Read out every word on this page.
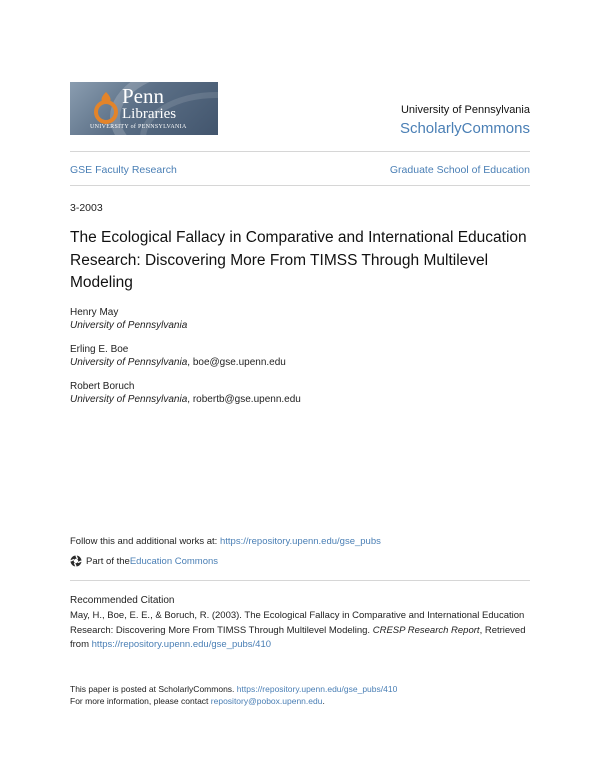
Penn
Libraries
UNIVERSITY of PENNSYLVANIA
University of Pennsylvania
ScholarlyCommons
GSE Faculty Research	Graduate School of Education
3-2003
The Ecological Fallacy in Comparative and International Education Research: Discovering More From TIMSS Through Multilevel Modeling
Henry May
University of Pennsylvania
Erling E. Boe
University of Pennsylvania, boe@gse.upenn.edu
Robert Boruch
University of Pennsylvania, robertb@gse.upenn.edu
Follow this and additional works at: https://repository.upenn.edu/gse_pubs
Part of the Education Commons
Recommended Citation
May, H., Boe, E. E., & Boruch, R. (2003). The Ecological Fallacy in Comparative and International Education Research: Discovering More From TIMSS Through Multilevel Modeling. CRESP Research Report, Retrieved from https://repository.upenn.edu/gse_pubs/410
This paper is posted at ScholarlyCommons. https://repository.upenn.edu/gse_pubs/410
For more information, please contact repository@pobox.upenn.edu.
